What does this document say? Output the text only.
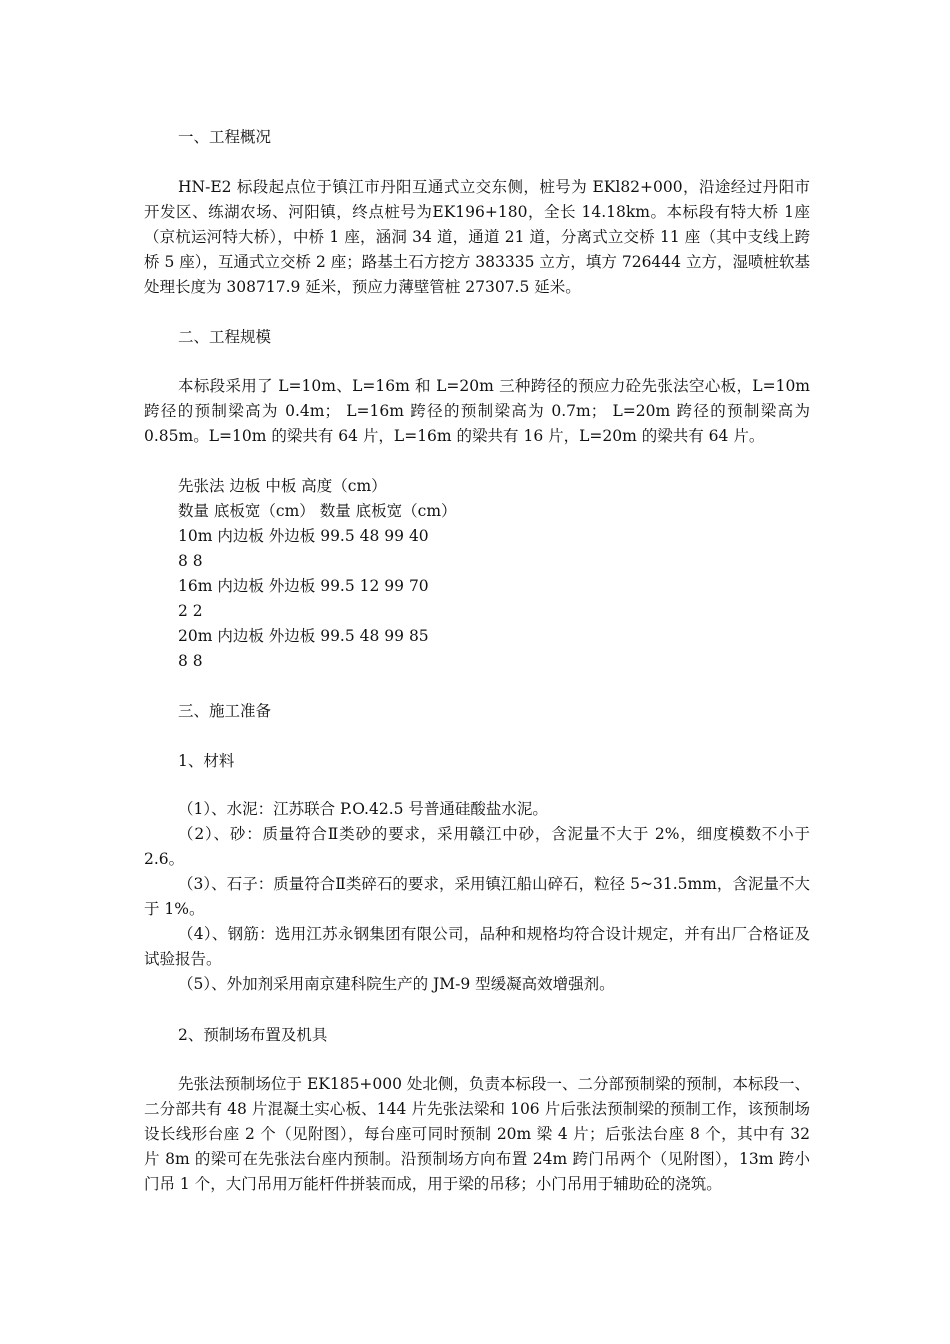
一、工程概况

HN-E2 标段起点位于镇江市丹阳互通式立交东侧，桩号为 EKl82+000，沿途经过丹阳市开发区、练湖农场、河阳镇，终点桩号为EK196+180，全长 14.18km。本标段有特大桥 1座（京杭运河特大桥），中桥 1 座，涵洞 34 道，通道 21 道，分离式立交桥 11 座（其中支线上跨桥 5 座），互通式立交桥 2 座；路基土石方挖方 383335 立方，填方 726444 立方，湿喷桩软基处理长度为 308717.9 延米，预应力薄壁管桩 27307.5 延米。

二、工程规模

本标段采用了 L=10m、L=16m 和 L=20m 三种跨径的预应力砼先张法空心板，L=10m 跨径的预制梁高为 0.4m； L=16m 跨径的预制梁高为 0.7m； L=20m 跨径的预制梁高为 0.85m。L=10m 的梁共有 64 片，L=16m 的梁共有 16 片，L=20m 的梁共有 64 片。

先张法 边板 中板 高度（cm）
数量 底板宽（cm） 数量 底板宽（cm）
10m 内边板 外边板 99.5 48 99 40
8 8
16m 内边板 外边板 99.5 12 99 70
2 2
20m 内边板 外边板 99.5 48 99 85
8 8
三、施工准备
1、材料

（1）、水泥：江苏联合 P.O.42.5 号普通硅酸盐水泥。

（2）、砂：质量符合Ⅱ类砂的要求，采用赣江中砂，含泥量不大于 2%，细度模数不小于 2.6。

（3）、石子：质量符合Ⅱ类碎石的要求，采用镇江船山碎石，粒径 5~31.5mm，含泥量不大于 1%。

（4）、钢筋：选用江苏永钢集团有限公司，品种和规格均符合设计规定，并有出厂合格证及试验报告。

（5）、外加剂采用南京建科院生产的 JM-9 型缓凝高效增强剂。

2、预制场布置及机具

先张法预制场位于 EK185+000 处北侧，负责本标段一、二分部预制梁的预制，本标段一、二分部共有 48 片混凝土实心板、144 片先张法梁和 106 片后张法预制梁的预制工作，该预制场设长线形台座 2 个（见附图），每台座可同时预制 20m 梁 4 片；后张法台座 8 个，其中有 32 片 8m 的梁可在先张法台座内预制。沿预制场方向布置 24m 跨门吊两个（见附图），13m 跨小门吊 1 个，大门吊用万能杆件拼装而成，用于梁的吊移；小门吊用于辅助砼的浇筑。
